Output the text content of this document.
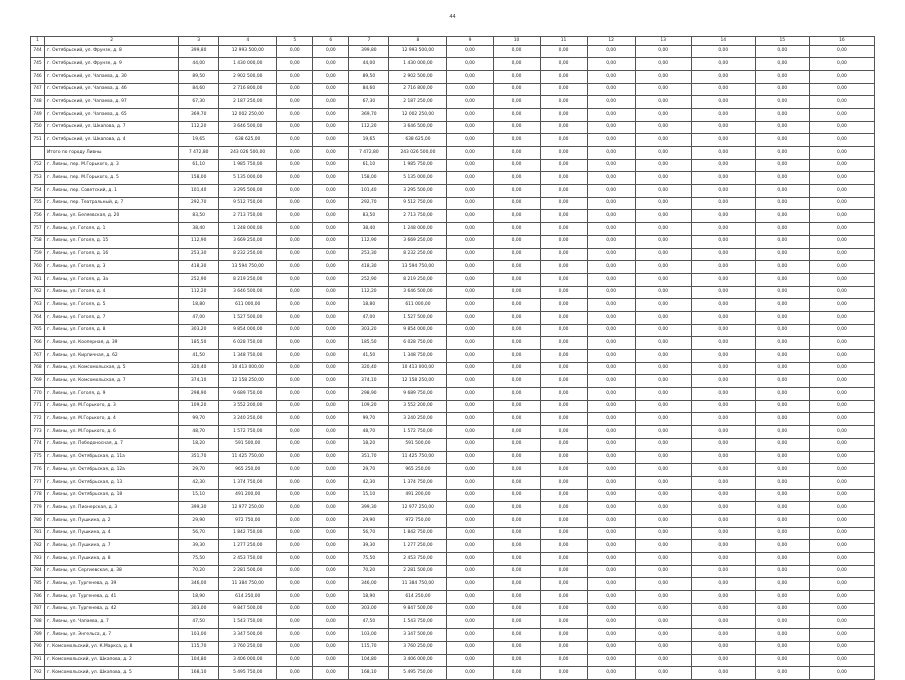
44
1	2	3	4	5	6	7	8	9	10	11	12	13	14	15	16
744	г. Октябрьский, ул. Фрунзе, д. 8	399,80	12 993 500,00	0,00	0,00	399,80	12 993 500,00	0,00	0,00	0,00	0,00	0,00	0,00	0,00	0,00
745	г. Октябрьский, ул. Фрунзе, д. 9	44,00	1 430 000,00	0,00	0,00	44,00	1 430 000,00	0,00	0,00	0,00	0,00	0,00	0,00	0,00	0,00
746	г. Октябрьский, ул. Чапаева, д. 30	89,50	2 902 500,00	0,00	0,00	89,50	2 902 500,00	0,00	0,00	0,00	0,00	0,00	0,00	0,00	0,00
747	г. Октябрьский, ул. Чапаева, д. 46	84,60	2 716 800,00	0,00	0,00	84,60	2 716 800,00	0,00	0,00	0,00	0,00	0,00	0,00	0,00	0,00
748	г. Октябрьский, ул. Чапаева, д. 97	67,30	2 187 250,00	0,00	0,00	67,30	2 187 250,00	0,00	0,00	0,00	0,00	0,00	0,00	0,00	0,00
749	г. Октябрьский, ул. Чапаева, д. 65	369,70	12 002 250,00	0,00	0,00	369,70	12 002 250,00	0,00	0,00	0,00	0,00	0,00	0,00	0,00	0,00
750	г. Октябрьский, ул. Шкапова, д. 7	112,20	3 646 500,00	0,00	0,00	112,20	3 646 500,00	0,00	0,00	0,00	0,00	0,00	0,00	0,00	0,00
751	г. Октябрьский, ул. Шкапова, д. 4	19,65	638 625,00	0,00	0,00	19,65	638 625,00	0,00	0,00	0,00	0,00	0,00	0,00	0,00	0,00
	Итого по городу Ливны	7 472,80	243 026 500,00	0,00	0,00	7 472,80	243 026 500,00	0,00	0,00	0,00	0,00	0,00	0,00	0,00	0,00
752	г. Ливны, пер. М.Горького, д. 3	61,10	1 985 750,00	0,00	0,00	61,10	1 985 750,00	0,00	0,00	0,00	0,00	0,00	0,00	0,00	0,00
753	г. Ливны, пер. М.Горького, д. 5	158,00	5 135 000,00	0,00	0,00	158,00	5 135 000,00	0,00	0,00	0,00	0,00	0,00	0,00	0,00	0,00
754	г. Ливны, пер. Советский, д. 1	101,40	3 295 500,00	0,00	0,00	101,40	3 295 500,00	0,00	0,00	0,00	0,00	0,00	0,00	0,00	0,00
755	г. Ливны, пер. Театральный, д. 7	292,70	9 512 750,00	0,00	0,00	292,70	9 512 750,00	0,00	0,00	0,00	0,00	0,00	0,00	0,00	0,00
756	г. Ливны, ул. Беляевская, д. 20	83,50	2 713 750,00	0,00	0,00	83,50	2 713 750,00	0,00	0,00	0,00	0,00	0,00	0,00	0,00	0,00
757	г. Ливны, ул. Гоголя, д. 1	38,40	1 248 000,00	0,00	0,00	38,40	1 248 000,00	0,00	0,00	0,00	0,00	0,00	0,00	0,00	0,00
758	г. Ливны, ул. Гоголя, д. 15	112,90	3 669 250,00	0,00	0,00	112,90	3 669 250,00	0,00	0,00	0,00	0,00	0,00	0,00	0,00	0,00
759	г. Ливны, ул. Гоголя, д. 16	253,30	8 232 250,00	0,00	0,00	253,30	8 232 250,00	0,00	0,00	0,00	0,00	0,00	0,00	0,00	0,00
760	г. Ливны, ул. Гоголя, д. 3	418,30	13 594 750,00	0,00	0,00	418,30	13 594 750,00	0,00	0,00	0,00	0,00	0,00	0,00	0,00	0,00
761	г. Ливны, ул. Гоголя, д. 3а	252,90	8 219 250,00	0,00	0,00	252,90	8 219 250,00	0,00	0,00	0,00	0,00	0,00	0,00	0,00	0,00
762	г. Ливны, ул. Гоголя, д. 4	112,20	3 646 500,00	0,00	0,00	112,20	3 646 500,00	0,00	0,00	0,00	0,00	0,00	0,00	0,00	0,00
763	г. Ливны, ул. Гоголя, д. 5	18,80	611 000,00	0,00	0,00	18,80	611 000,00	0,00	0,00	0,00	0,00	0,00	0,00	0,00	0,00
764	г. Ливны, ул. Гоголя, д. 7	47,00	1 527 500,00	0,00	0,00	47,00	1 527 500,00	0,00	0,00	0,00	0,00	0,00	0,00	0,00	0,00
765	г. Ливны, ул. Гоголя, д. 8	303,20	9 854 000,00	0,00	0,00	303,20	9 854 000,00	0,00	0,00	0,00	0,00	0,00	0,00	0,00	0,00
766	г. Ливны, ул. Кооперная, д. 39	185,50	6 028 750,00	0,00	0,00	185,50	6 028 750,00	0,00	0,00	0,00	0,00	0,00	0,00	0,00	0,00
767	г. Ливны, ул. Кирпичная, д. 62	41,50	1 348 750,00	0,00	0,00	41,50	1 348 750,00	0,00	0,00	0,00	0,00	0,00	0,00	0,00	0,00
768	г. Ливны, ул. Комсомольская, д. 5	320,40	10 413 000,00	0,00	0,00	320,40	10 413 000,00	0,00	0,00	0,00	0,00	0,00	0,00	0,00	0,00
769	г. Ливны, ул. Комсомольская, д. 7	374,10	12 158 250,00	0,00	0,00	374,10	12 158 250,00	0,00	0,00	0,00	0,00	0,00	0,00	0,00	0,00
770	г. Ливны, ул. Гоголя, д. 9	298,90	9 689 750,00	0,00	0,00	298,90	9 689 750,00	0,00	0,00	0,00	0,00	0,00	0,00	0,00	0,00
771	г. Ливны, ул. М.Горького, д. 3	109,20	3 552 200,00	0,00	0,00	109,20	3 552 200,00	0,00	0,00	0,00	0,00	0,00	0,00	0,00	0,00
772	г. Ливны, ул. М.Горького, д. 4	99,70	3 240 250,00	0,00	0,00	99,70	3 240 250,00	0,00	0,00	0,00	0,00	0,00	0,00	0,00	0,00
773	г. Ливны, ул. М.Горького, д. 6	48,70	1 572 750,00	0,00	0,00	48,70	1 572 750,00	0,00	0,00	0,00	0,00	0,00	0,00	0,00	0,00
774	г. Ливны, ул. Победоносная, д. 7	18,20	591 500,00	0,00	0,00	18,20	591 500,00	0,00	0,00	0,00	0,00	0,00	0,00	0,00	0,00
775	г. Ливны, ул. Октябрьская, д. 11а	351,70	11 425 750,00	0,00	0,00	351,70	11 425 750,00	0,00	0,00	0,00	0,00	0,00	0,00	0,00	0,00
776	г. Ливны, ул. Октябрьская, д. 12а	29,70	965 250,00	0,00	0,00	29,70	965 250,00	0,00	0,00	0,00	0,00	0,00	0,00	0,00	0,00
777	г. Ливны, ул. Октябрьская, д. 13	42,30	1 374 750,00	0,00	0,00	42,30	1 374 750,00	0,00	0,00	0,00	0,00	0,00	0,00	0,00	0,00
778	г. Ливны, ул. Октябрьская, д. 18	15,10	491 200,00	0,00	0,00	15,10	491 200,00	0,00	0,00	0,00	0,00	0,00	0,00	0,00	0,00
779	г. Ливны, ул. Пионерская, д. 3	399,30	12 977 250,00	0,00	0,00	399,30	12 977 250,00	0,00	0,00	0,00	0,00	0,00	0,00	0,00	0,00
780	г. Ливны, ул. Пушкина, д. 2	29,90	972 750,00	0,00	0,00	29,90	972 750,00	0,00	0,00	0,00	0,00	0,00	0,00	0,00	0,00
781	г. Ливны, ул. Пушкина, д. 4	56,70	1 842 750,00	0,00	0,00	56,70	1 842 750,00	0,00	0,00	0,00	0,00	0,00	0,00	0,00	0,00
782	г. Ливны, ул. Пушкина, д. 7	39,30	1 277 250,00	0,00	0,00	39,30	1 277 250,00	0,00	0,00	0,00	0,00	0,00	0,00	0,00	0,00
783	г. Ливны, ул. Пушкина, д. 8	75,50	2 453 750,00	0,00	0,00	75,50	2 453 750,00	0,00	0,00	0,00	0,00	0,00	0,00	0,00	0,00
784	г. Ливны, ул. Сергиевская, д. 38	70,20	2 281 500,00	0,00	0,00	70,20	2 281 500,00	0,00	0,00	0,00	0,00	0,00	0,00	0,00	0,00
785	г. Ливны, ул. Тургенева, д. 39	346,00	11 384 750,00	0,00	0,00	346,00	11 384 750,00	0,00	0,00	0,00	0,00	0,00	0,00	0,00	0,00
786	г. Ливны, ул. Тургенева, д. 41	18,90	614 250,00	0,00	0,00	18,90	614 250,00	0,00	0,00	0,00	0,00	0,00	0,00	0,00	0,00
787	г. Ливны, ул. Тургенева, д. 42	303,00	9 847 500,00	0,00	0,00	303,00	9 847 500,00	0,00	0,00	0,00	0,00	0,00	0,00	0,00	0,00
788	г. Ливны, ул. Чапаева, д. 7	47,50	1 543 750,00	0,00	0,00	47,50	1 543 750,00	0,00	0,00	0,00	0,00	0,00	0,00	0,00	0,00
789	г. Ливны, ул. Энгельса, д. 7	103,00	3 347 500,00	0,00	0,00	103,00	3 347 500,00	0,00	0,00	0,00	0,00	0,00	0,00	0,00	0,00
790	г. Комсомольский, ул. К.Маркса, д. 8	115,70	3 760 250,00	0,00	0,00	115,70	3 760 250,00	0,00	0,00	0,00	0,00	0,00	0,00	0,00	0,00
791	г. Комсомольский, ул. Шкапова, д. 2	104,80	3 406 000,00	0,00	0,00	104,80	3 406 000,00	0,00	0,00	0,00	0,00	0,00	0,00	0,00	0,00
792	г. Комсомольский, ул. Шкапова, д. 5	168,10	5 495 750,00	0,00	0,00	168,10	5 495 750,00	0,00	0,00	0,00	0,00	0,00	0,00	0,00	0,00
